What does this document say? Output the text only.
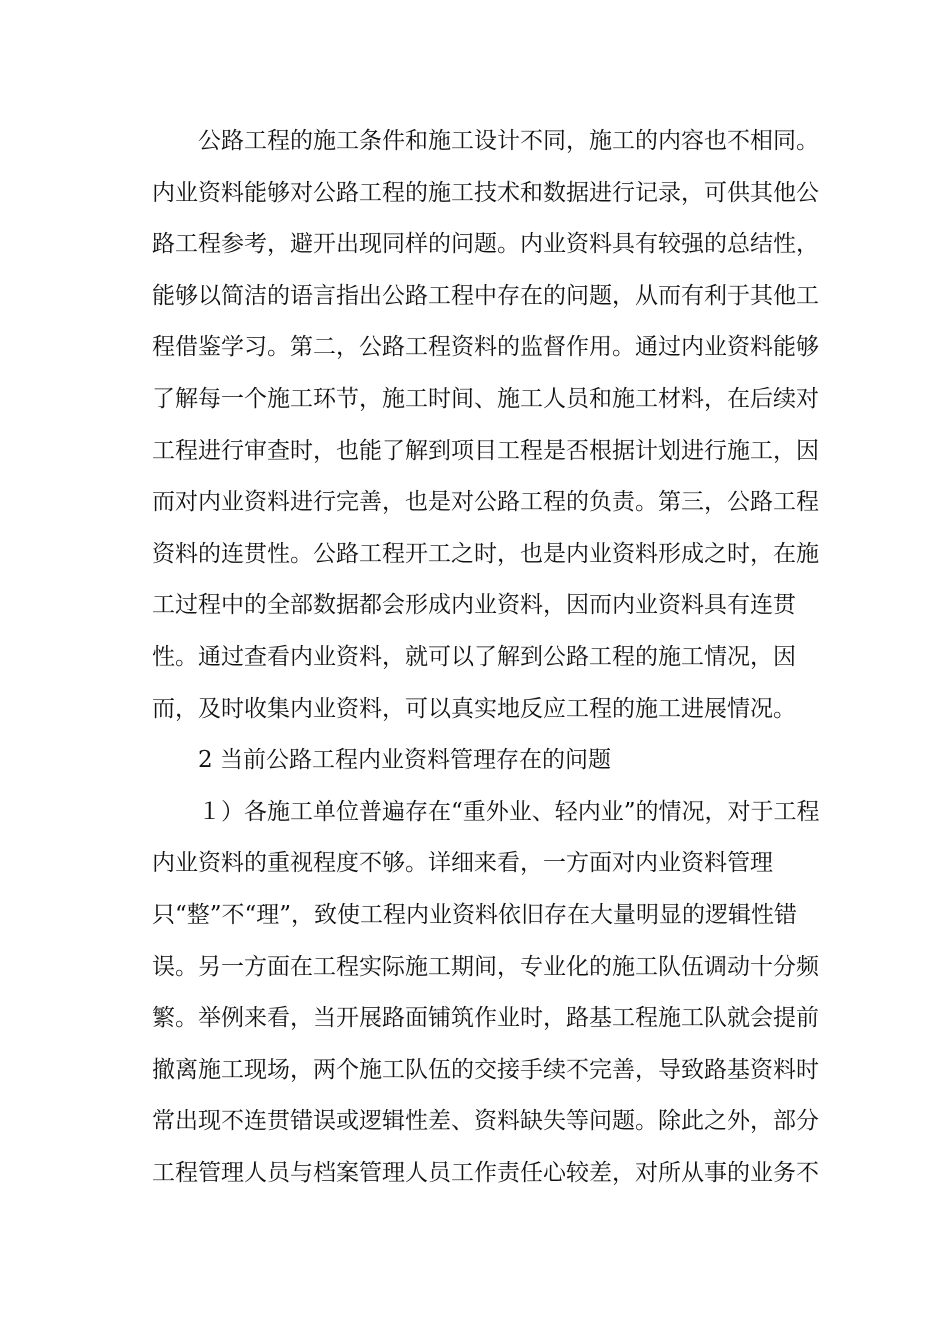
公路工程的施工条件和施工设计不同，施工的内容也不相同。
内业资料能够对公路工程的施工技术和数据进行记录，可供其他公
路工程参考，避开出现同样的问题。内业资料具有较强的总结性，
能够以简洁的语言指出公路工程中存在的问题，从而有利于其他工
程借鉴学习。第二，公路工程资料的监督作用。通过内业资料能够
了解每一个施工环节，施工时间、施工人员和施工材料，在后续对
工程进行审查时，也能了解到项目工程是否根据计划进行施工，因
而对内业资料进行完善，也是对公路工程的负责。第三，公路工程
资料的连贯性。公路工程开工之时，也是内业资料形成之时，在施
工过程中的全部数据都会形成内业资料，因而内业资料具有连贯
性。通过查看内业资料，就可以了解到公路工程的施工情况，因
而，及时收集内业资料，可以真实地反应工程的施工进展情况。
2 当前公路工程内业资料管理存在的问题
１）各施工单位普遍存在“重外业、轻内业”的情况，对于工程
内业资料的重视程度不够。详细来看，一方面对内业资料管理
只“整”不“理”，致使工程内业资料依旧存在大量明显的逻辑性错
误。另一方面在工程实际施工期间，专业化的施工队伍调动十分频
繁。举例来看，当开展路面铺筑作业时，路基工程施工队就会提前
撤离施工现场，两个施工队伍的交接手续不完善，导致路基资料时
常出现不连贯错误或逻辑性差、资料缺失等问题。除此之外，部分
工程管理人员与档案管理人员工作责任心较差，对所从事的业务不
